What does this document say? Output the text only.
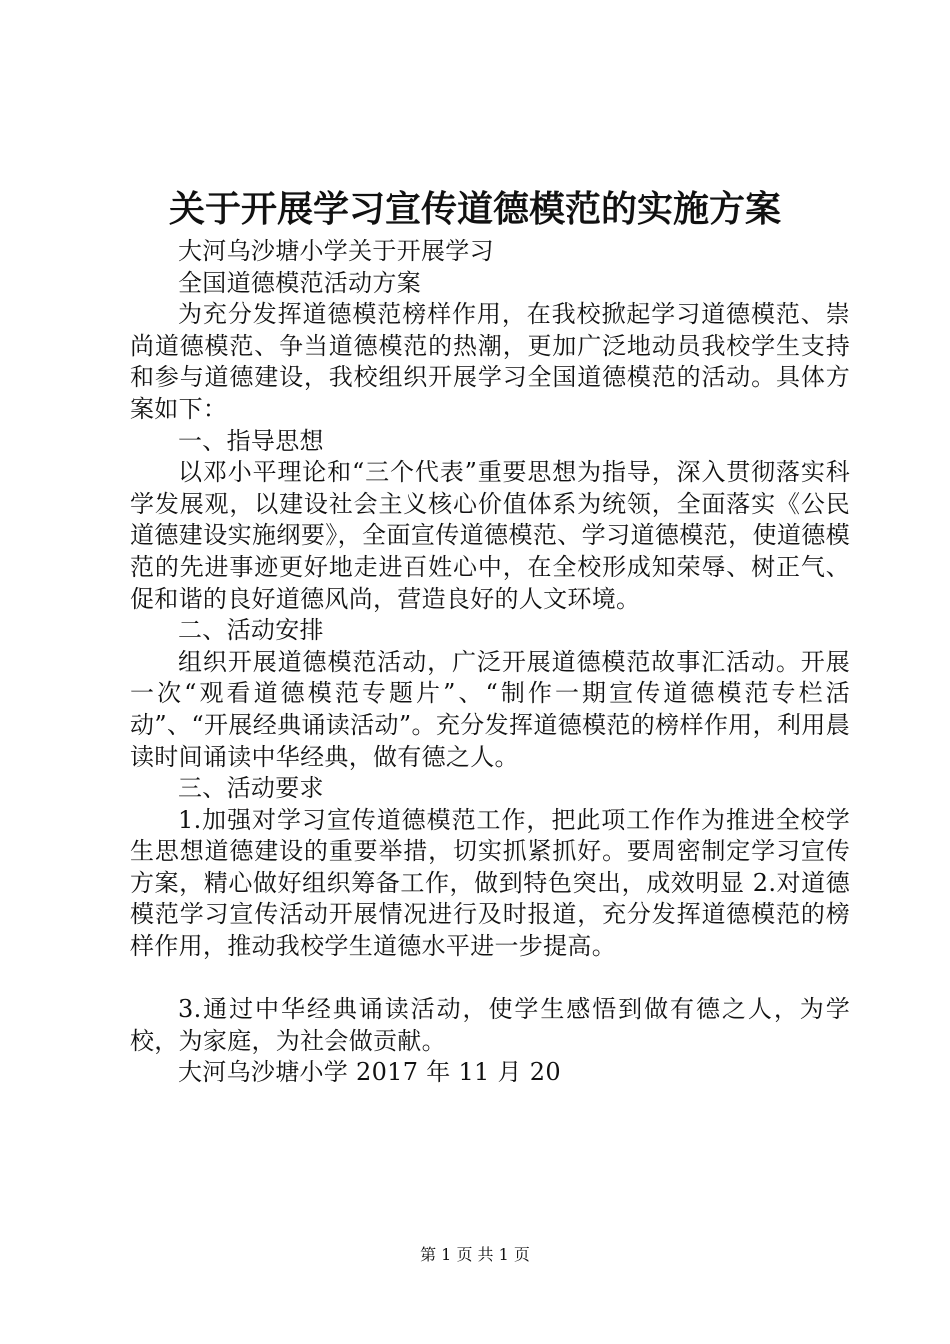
关于开展学习宣传道德模范的实施方案

大河乌沙塘小学关于开展学习

全国道德模范活动方案

为充分发挥道德模范榜样作用，在我校掀起学习道德模范、崇尚道德模范、争当道德模范的热潮，更加广泛地动员我校学生支持和参与道德建设，我校组织开展学习全国道德模范的活动。具体方案如下：

一、指导思想

以邓小平理论和“三个代表”重要思想为指导，深入贯彻落实科学发展观，以建设社会主义核心价值体系为统领，全面落实《公民道德建设实施纲要》，全面宣传道德模范、学习道德模范，使道德模范的先进事迹更好地走进百姓心中，在全校形成知荣辱、树正气、促和谐的良好道德风尚，营造良好的人文环境。

二、活动安排

组织开展道德模范活动，广泛开展道德模范故事汇活动。开展一次“观看道德模范专题片”、“制作一期宣传道德模范专栏活动”、“开展经典诵读活动”。充分发挥道德模范的榜样作用，利用晨读时间诵读中华经典，做有德之人。

三、活动要求

1.加强对学习宣传道德模范工作，把此项工作作为推进全校学生思想道德建设的重要举措，切实抓紧抓好。要周密制定学习宣传方案，精心做好组织筹备工作，做到特色突出，成效明显 2.对道德模范学习宣传活动开展情况进行及时报道，充分发挥道德模范的榜样作用，推动我校学生道德水平进一步提高。

3.通过中华经典诵读活动，使学生感悟到做有德之人，为学校，为家庭，为社会做贡献。

大河乌沙塘小学 2017 年 11 月 20

第 1 页 共 1 页
